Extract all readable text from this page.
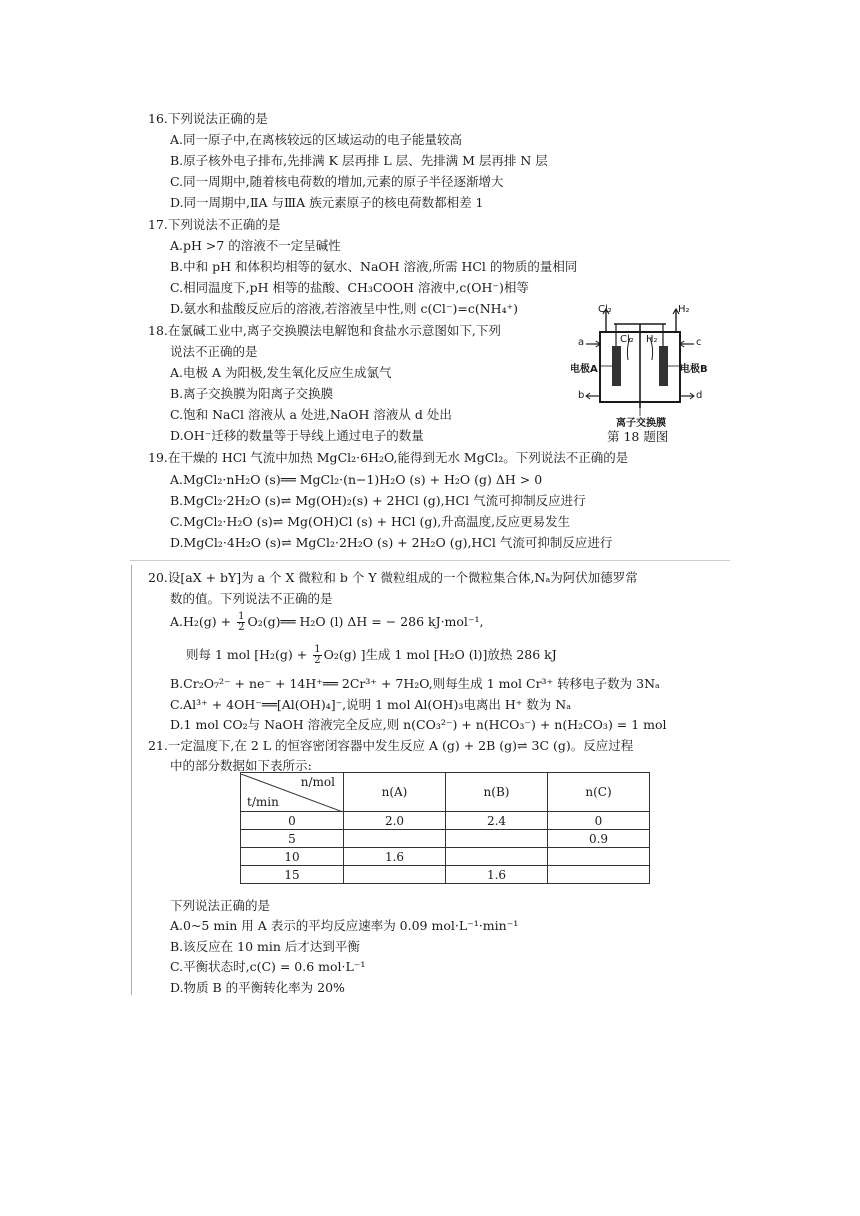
16.下列说法正确的是
A.同一原子中,在离核较远的区域运动的电子能量较高
B.原子核外电子排布,先排满 K 层再排 L 层、先排满 M 层再排 N 层
C.同一周期中,随着核电荷数的增加,元素的原子半径逐渐增大
D.同一周期中,ⅡA 与ⅢA 族元素原子的核电荷数都相差 1
17.下列说法不正确的是
A.pH >7 的溶液不一定呈碱性
B.中和 pH 和体积均相等的氨水、NaOH 溶液,所需 HCl 的物质的量相同
C.相同温度下,pH 相等的盐酸、CH₃COOH 溶液中,c(OH⁻)相等
D.氨水和盐酸反应后的溶液,若溶液呈中性,则 c(Cl⁻)=c(NH₄⁺)
18.在氯碱工业中,离子交换膜法电解饱和食盐水示意图如下,下列
说法不正确的是
A.电极 A 为阳极,发生氧化反应生成氯气
B.离子交换膜为阳离子交换膜
C.饱和 NaCl 溶液从 a 处进,NaOH 溶液从 d 处出
D.OH⁻迁移的数量等于导线上通过电子的数量
Cl₂	H₂
Cl₂ H₂
a
b
c
d
电极A	电极B
离子交换膜
第 18 题图
19.在干燥的 HCl 气流中加热 MgCl₂·6H₂O,能得到无水 MgCl₂。下列说法不正确的是
A.MgCl₂·nH₂O (s)══ MgCl₂·(n−1)H₂O (s) + H₂O (g) ΔH > 0
B.MgCl₂·2H₂O (s)⇌ Mg(OH)₂(s) + 2HCl (g),HCl 气流可抑制反应进行
C.MgCl₂·H₂O (s)⇌ Mg(OH)Cl (s) + HCl (g),升高温度,反应更易发生
D.MgCl₂·4H₂O (s)⇌ MgCl₂·2H₂O (s) + 2H₂O (g),HCl 气流可抑制反应进行
20.设[aX + bY]为 a 个 X 微粒和 b 个 Y 微粒组成的一个微粒集合体,Nₐ为阿伏加德罗常
数的值。下列说法不正确的是
$A.H_2(g) + \frac{1}{2}$ O₂(g)══ H₂O (l) ΔH = − 286 kJ·mol⁻¹,
则每 1 mol [$H_2(g) + \frac{1}{2} O_2(g)$ ]生成 1 mol [H₂O (l)]放热 286 kJ
B.Cr₂O₇²⁻ + ne⁻ + 14H⁺══ 2Cr³⁺ + 7H₂O,则每生成 1 mol Cr³⁺ 转移电子数为 3Nₐ
C.Al³⁺ + 4OH⁻══[Al(OH)₄]⁻,说明 1 mol Al(OH)₃电离出 H⁺ 数为 Nₐ
D.1 mol CO₂与 NaOH 溶液完全反应,则 n(CO₃²⁻) + n(HCO₃⁻) + n(H₂CO₃) = 1 mol
21.一定温度下,在 2 L 的恒容密闭容器中发生反应 A (g) + 2B (g)⇌ 3C (g)。反应过程
中的部分数据如下表所示:
n/mol
t/min	n(A)	n(B)	n(C)
0	2.0	2.4	0
5			0.9
10	1.6		
15		1.6	
下列说法正确的是
A.0~5 min 用 A 表示的平均反应速率为 0.09 mol·L⁻¹·min⁻¹
B.该反应在 10 min 后才达到平衡
C.平衡状态时,c(C) = 0.6 mol·L⁻¹
D.物质 B 的平衡转化率为 20%
